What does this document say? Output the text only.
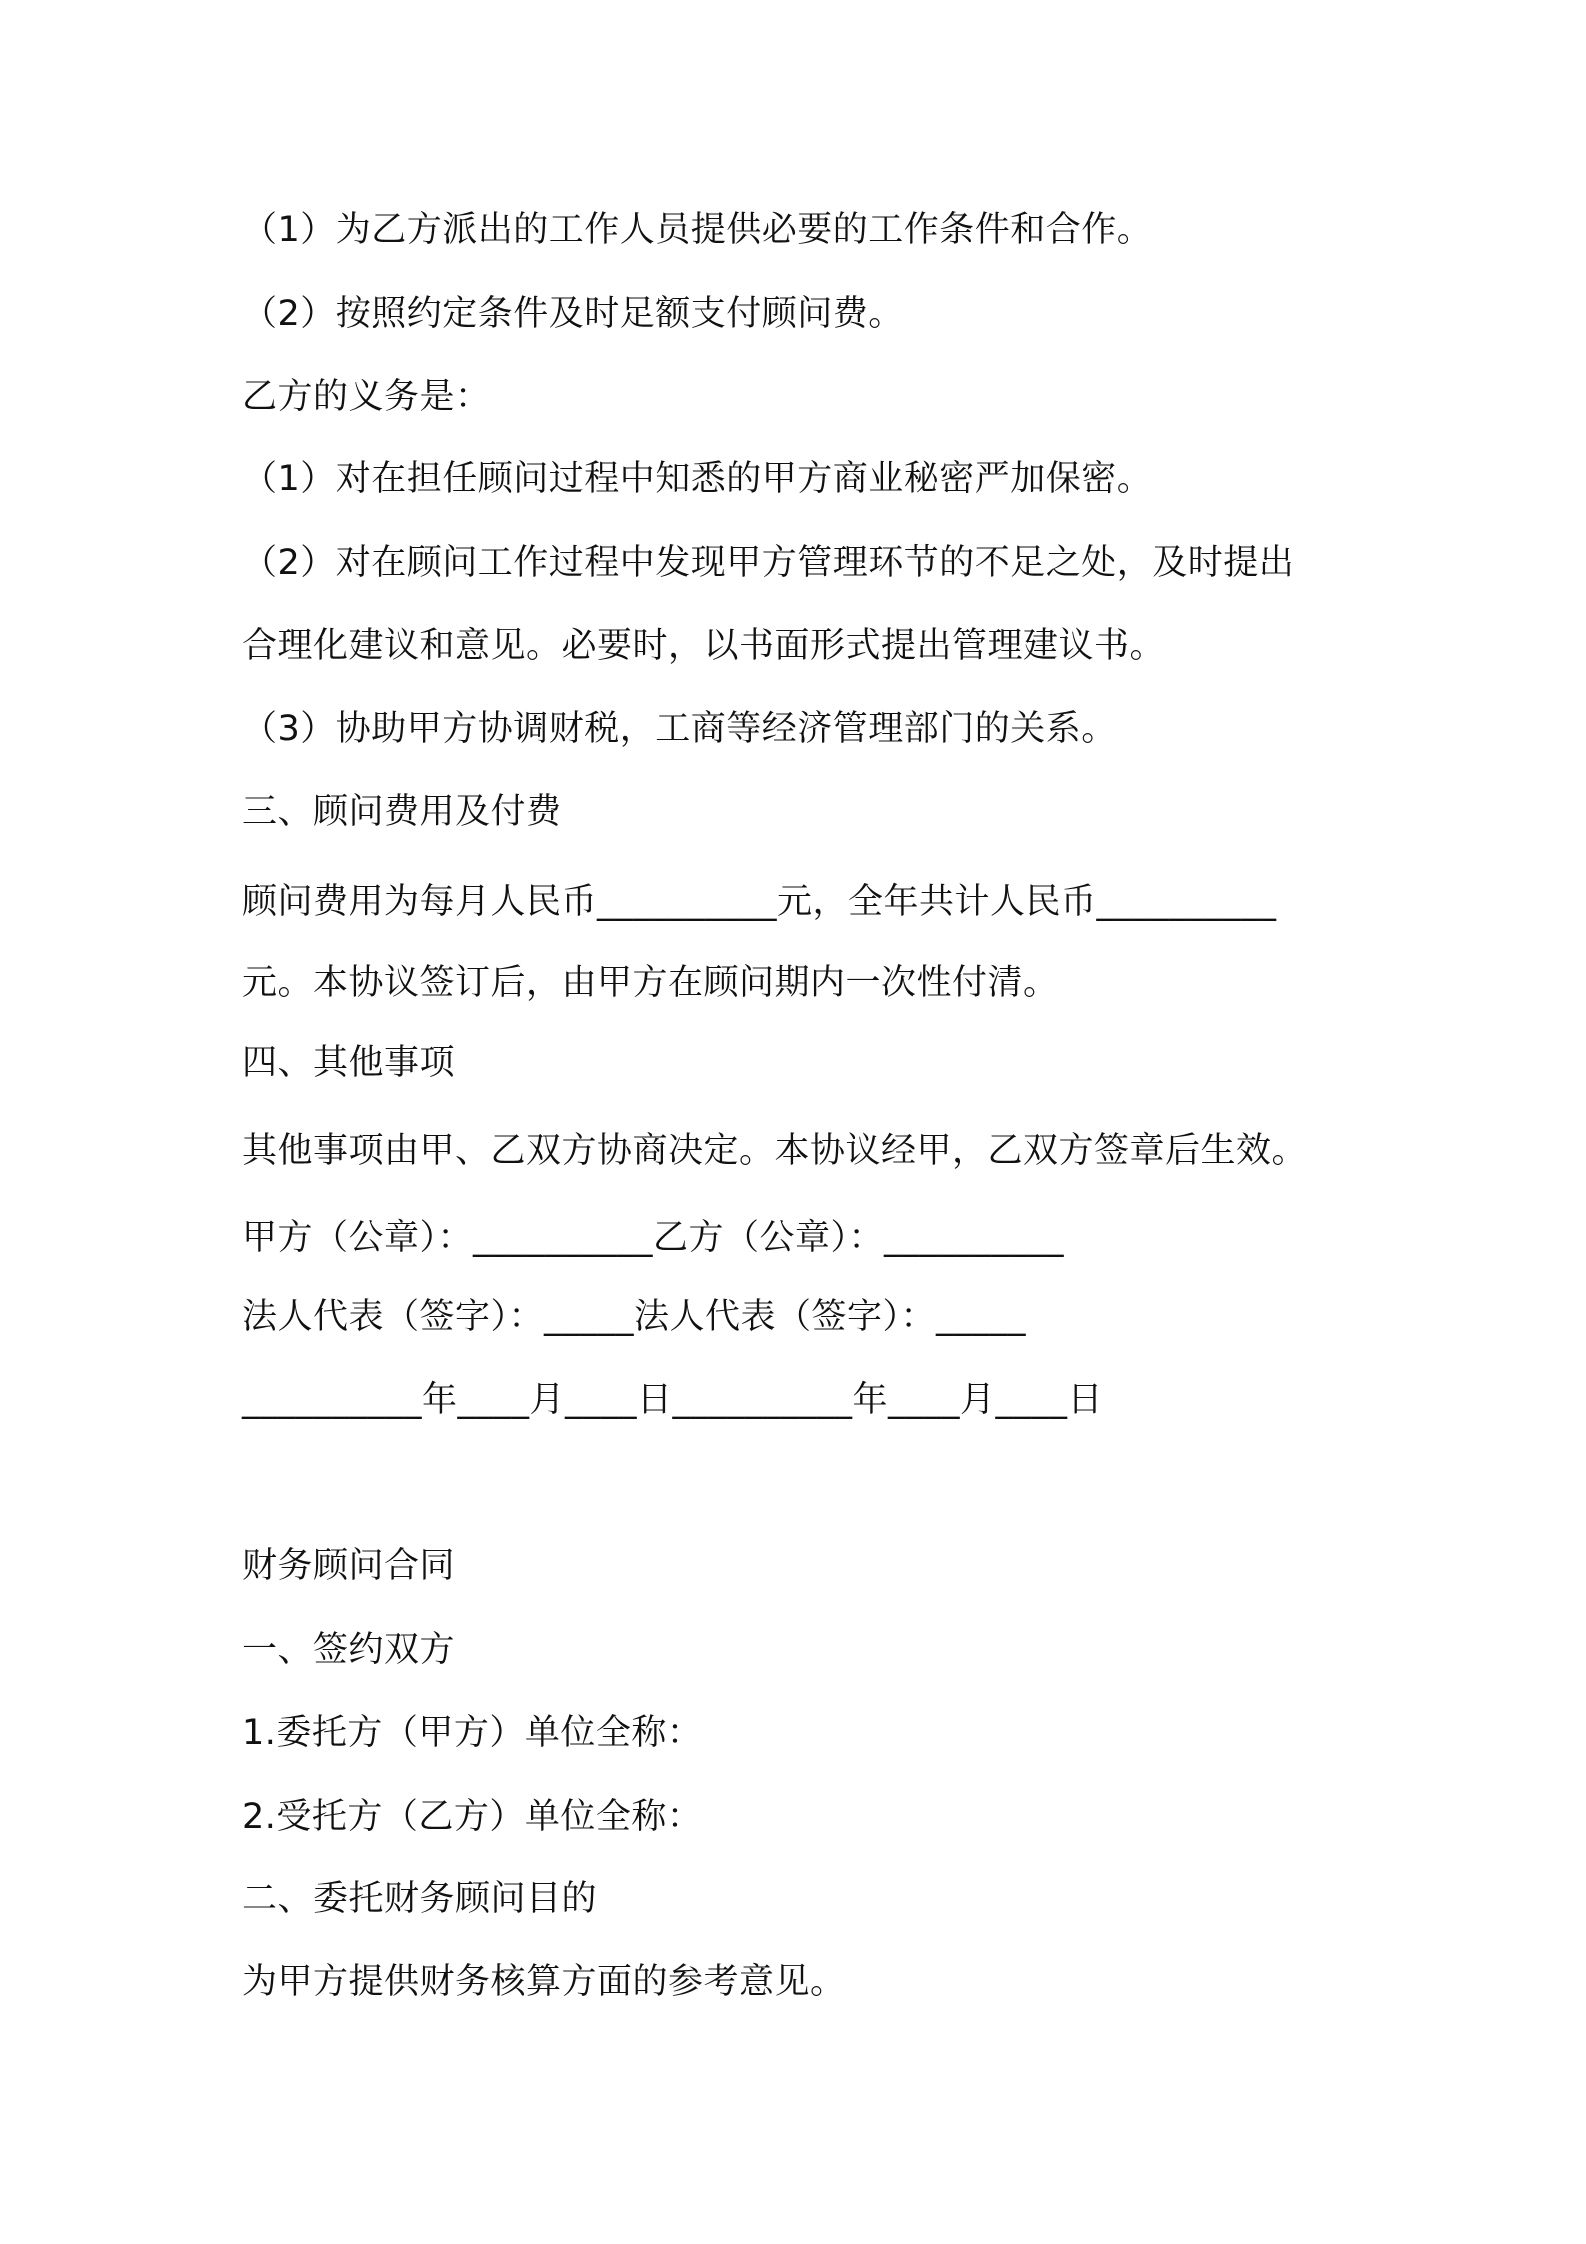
（1）为乙方派出的工作人员提供必要的工作条件和合作。
（2）按照约定条件及时足额支付顾问费。
乙方的义务是：
（1）对在担任顾问过程中知悉的甲方商业秘密严加保密。
（2）对在顾问工作过程中发现甲方管理环节的不足之处，及时提出
合理化建议和意见。必要时，以书面形式提出管理建议书。
（3）协助甲方协调财税，工商等经济管理部门的关系。
三、顾问费用及付费
顾问费用为每月人民币__________元，全年共计人民币__________
元。本协议签订后，由甲方在顾问期内一次性付清。
四、其他事项
其他事项由甲、乙双方协商决定。本协议经甲，乙双方签章后生效。
甲方（公章）：__________乙方（公章）：__________
法人代表（签字）：_____法人代表（签字）：_____
__________年____月____日__________年____月____日
财务顾问合同
一、签约双方
1.委托方（甲方）单位全称：
2.受托方（乙方）单位全称：
二、委托财务顾问目的
为甲方提供财务核算方面的参考意见。
